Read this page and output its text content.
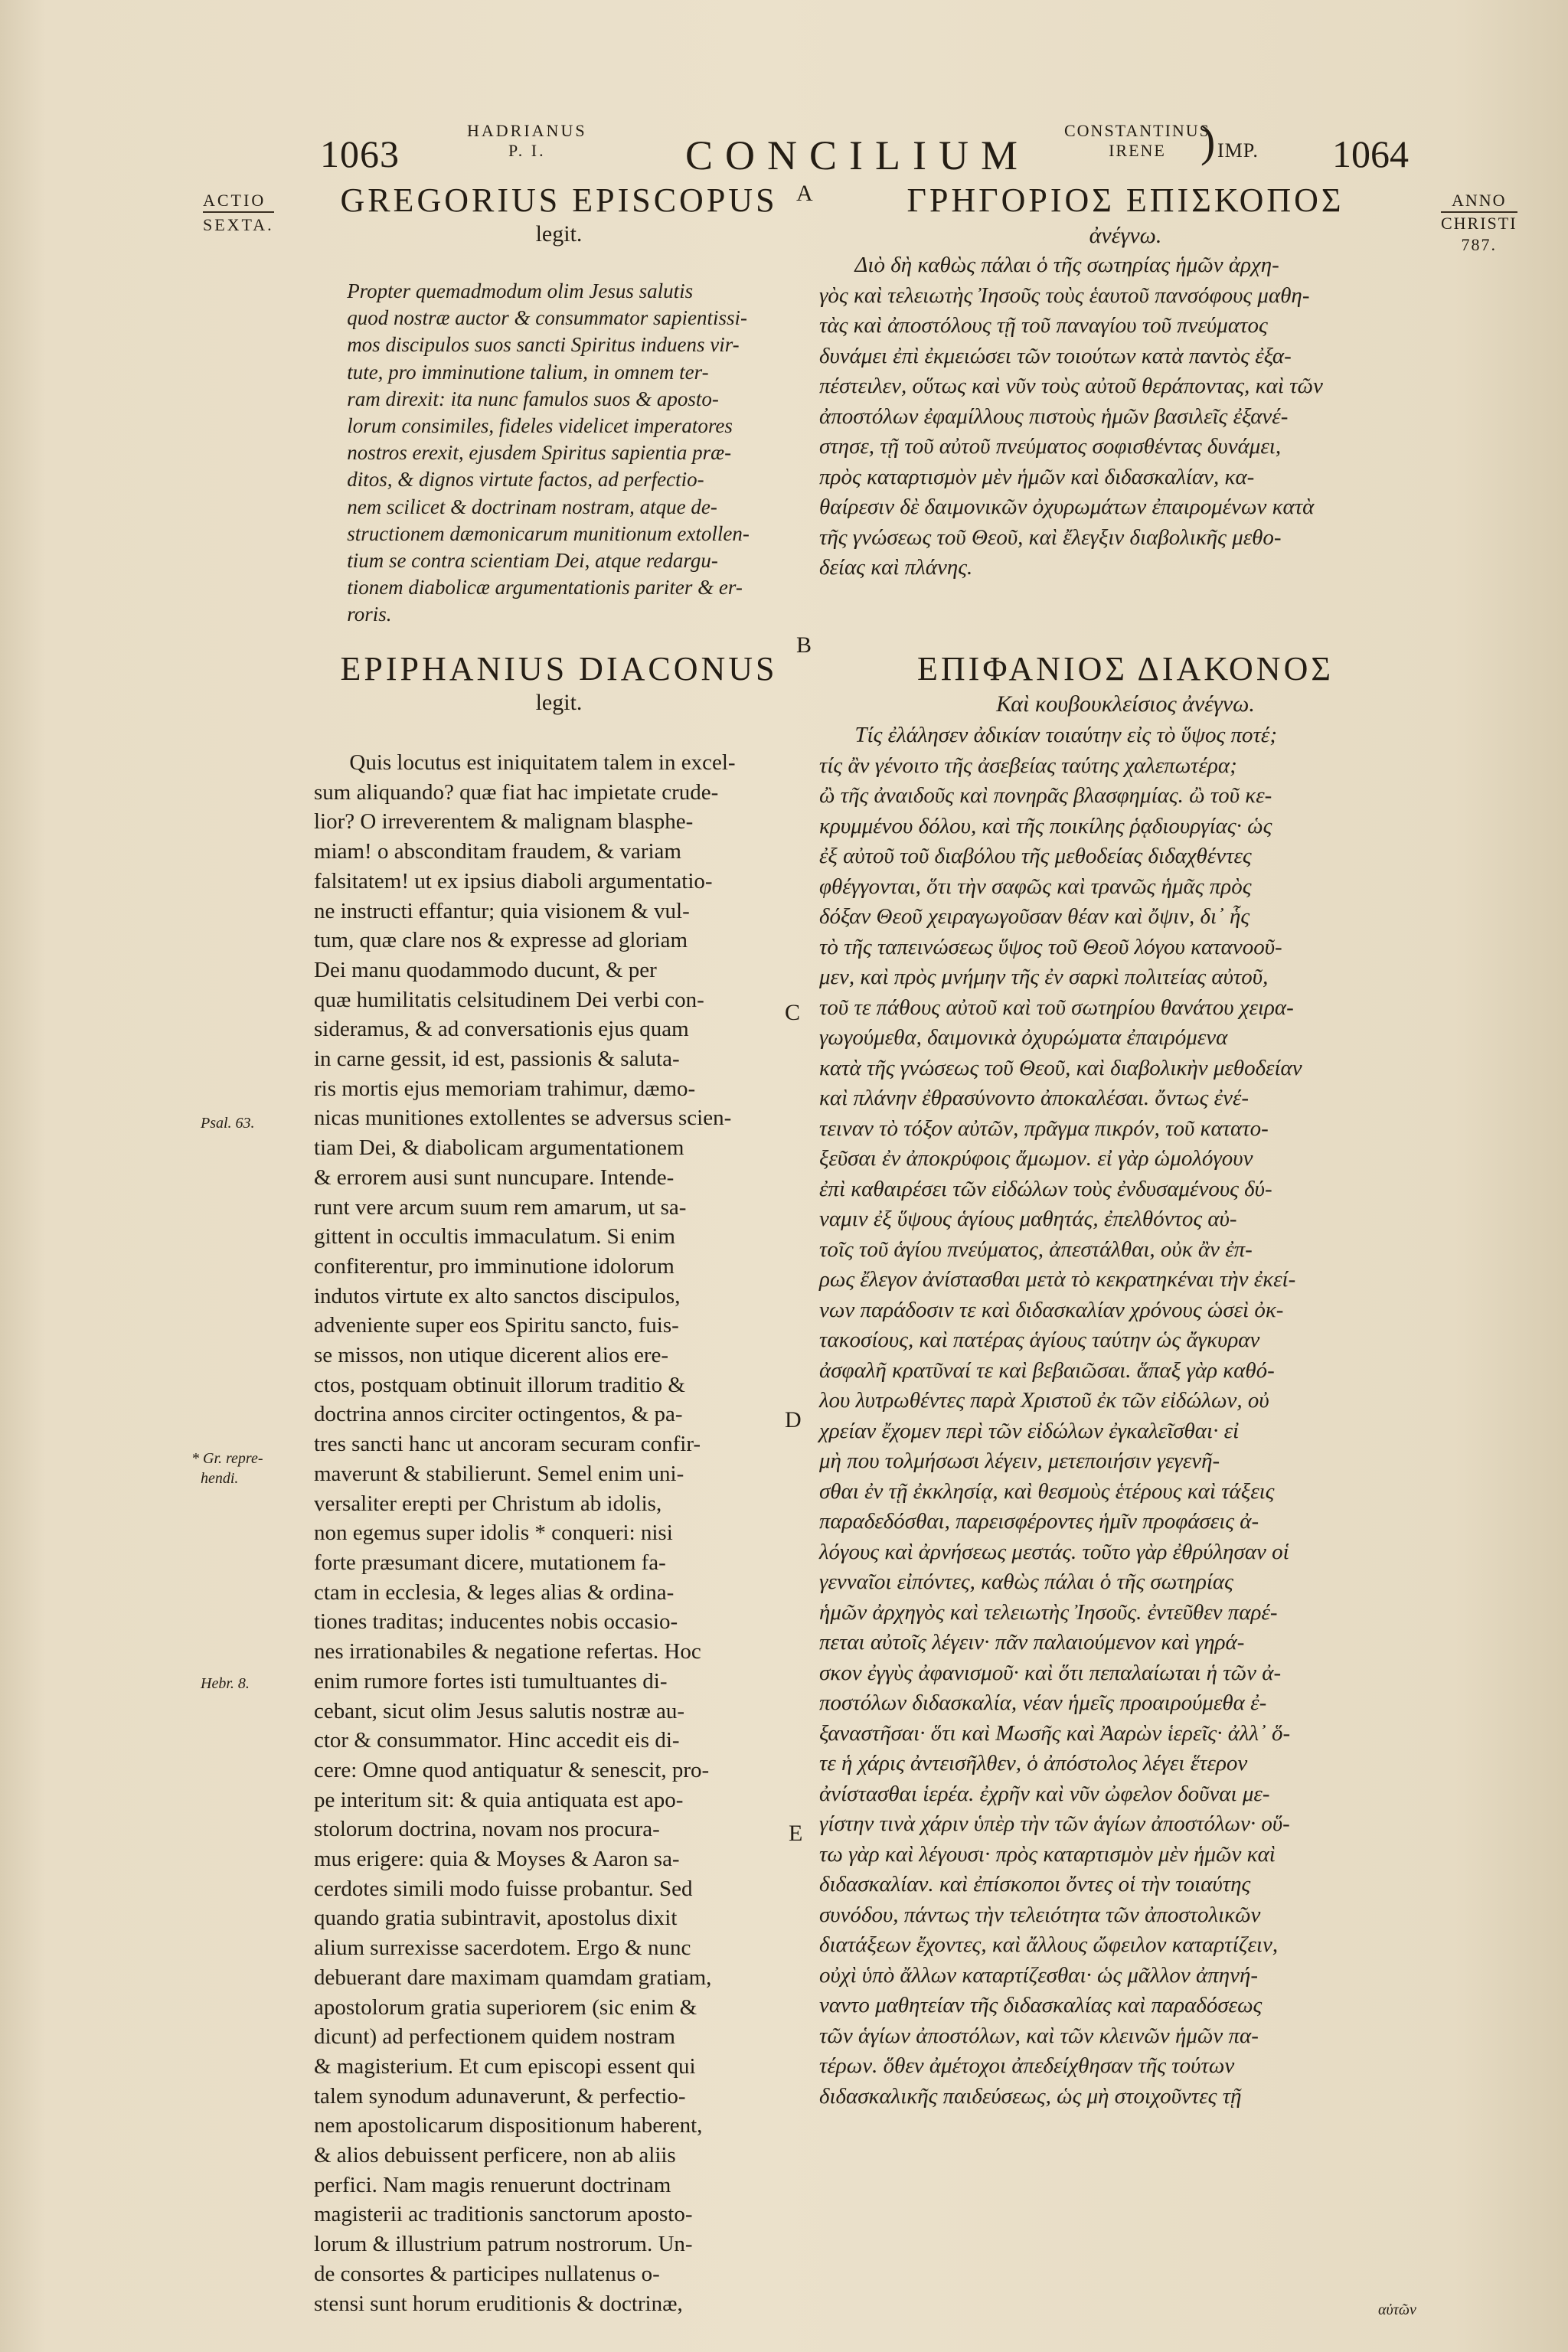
1063
HADRIANUS
P. I.	CONCILIUM
CONSTANTINUS
IRENE ) IMP. 1064
ACTIO
SEXTA.
ANNO
CHRISTI
787.
Psal. 63.
* Gr. repre-
hendi.
Hebr. 8.
A
B
C
D
E
GREGORIUS EPISCOPUS
legit.
Propter quemadmodum olim Jesus salutis
quod nostræ auctor & consummator sapientissi-
mos discipulos suos sancti Spiritus induens vir-
tute, pro imminutione talium, in omnem ter-
ram direxit: ita nunc famulos suos & aposto-
lorum consimiles, fideles videlicet imperatores
nostros erexit, ejusdem Spiritus sapientia præ-
ditos, & dignos virtute factos, ad perfectio-
nem scilicet & doctrinam nostram, atque de-
structionem dæmonicarum munitionum extollen-
tium se contra scientiam Dei, atque redargu-
tionem diabolicæ argumentationis pariter & er-
roris.
EPIPHANIUS DIACONUS
legit.
Quis locutus est iniquitatem talem in excel-
sum aliquando? quæ fiat hac impietate crude-
lior? O irreverentem & malignam blasphe-
miam! o absconditam fraudem, & variam
falsitatem! ut ex ipsius diaboli argumentatio-
ne instructi effantur; quia visionem & vul-
tum, quæ clare nos & expresse ad gloriam
Dei manu quodammodo ducunt, & per
quæ humilitatis celsitudinem Dei verbi con-
sideramus, & ad conversationis ejus quam
in carne gessit, id est, passionis & saluta-
ris mortis ejus memoriam trahimur, dæmo-
nicas munitiones extollentes se adversus scien-
tiam Dei, & diabolicam argumentationem
& errorem ausi sunt nuncupare. Intende-
runt vere arcum suum rem amarum, ut sa-
gittent in occultis immaculatum. Si enim
confiterentur, pro imminutione idolorum
indutos virtute ex alto sanctos discipulos,
adveniente super eos Spiritu sancto, fuis-
se missos, non utique dicerent alios ere-
ctos, postquam obtinuit illorum traditio &
doctrina annos circiter octingentos, & pa-
tres sancti hanc ut ancoram securam confir-
maverunt & stabilierunt. Semel enim uni-
versaliter erepti per Christum ab idolis,
non egemus super idolis * conqueri: nisi
forte præsumant dicere, mutationem fa-
ctam in ecclesia, & leges alias & ordina-
tiones traditas; inducentes nobis occasio-
nes irrationabiles & negatione refertas. Hoc
enim rumore fortes isti tumultuantes di-
cebant, sicut olim Jesus salutis nostræ au-
ctor & consummator. Hinc accedit eis di-
cere: Omne quod antiquatur & senescit, pro-
pe interitum sit: & quia antiquata est apo-
stolorum doctrina, novam nos procura-
mus erigere: quia & Moyses & Aaron sa-
cerdotes simili modo fuisse probantur. Sed
quando gratia subintravit, apostolus dixit
alium surrexisse sacerdotem. Ergo & nunc
debuerant dare maximam quamdam gratiam,
apostolorum gratia superiorem (sic enim &
dicunt) ad perfectionem quidem nostram
& magisterium. Et cum episcopi essent qui
talem synodum adunaverunt, & perfectio-
nem apostolicarum dispositionum haberent,
& alios debuissent perficere, non ab aliis
perfici. Nam magis renuerunt doctrinam
magisterii ac traditionis sanctorum aposto-
lorum & illustrium patrum nostrorum. Un-
de consortes & participes nullatenus o-
stensi sunt horum eruditionis & doctrinæ,
ΓΡΗΓΟΡΙΟΣ ΕΠΙΣΚΟΠΟΣ
ἀνέγνω.
Διὸ δὴ καθὼς πάλαι ὁ τῆς σωτηρίας ἡμῶν ἀρχη-
γὸς καὶ τελειωτὴς Ἰησοῦς τοὺς ἑαυτοῦ πανσόφους μαθη-
τὰς καὶ ἀποστόλους τῇ τοῦ παναγίου τοῦ πνεύματος
δυνάμει ἐπὶ ἐκμειώσει τῶν τοιούτων κατὰ παντὸς ἐξα-
πέστειλεν, οὕτως καὶ νῦν τοὺς αὐτοῦ θεράποντας, καὶ τῶν
ἀποστόλων ἐφαμίλλους πιστοὺς ἡμῶν βασιλεῖς ἐξανέ-
στησε, τῇ τοῦ αὐτοῦ πνεύματος σοφισθέντας δυνάμει,
πρὸς καταρτισμὸν μὲν ἡμῶν καὶ διδασκαλίαν, κα-
θαίρεσιν δὲ δαιμονικῶν ὀχυρωμάτων ἐπαιρομένων κατὰ
τῆς γνώσεως τοῦ Θεοῦ, καὶ ἔλεγξιν διαβολικῆς μεθο-
δείας καὶ πλάνης.
ΕΠΙΦΑΝΙΟΣ ΔΙΑΚΟΝΟΣ
Καὶ κουβουκλείσιος ἀνέγνω.
Τίς ἐλάλησεν ἀδικίαν τοιαύτην εἰς τὸ ὕψος ποτέ;
τίς ἂν γένοιτο τῆς ἀσεβείας ταύτης χαλεπωτέρα;
ὢ τῆς ἀναιδοῦς καὶ πονηρᾶς βλασφημίας. ὢ τοῦ κε-
κρυμμένου δόλου, καὶ τῆς ποικίλης ῥᾳδιουργίας· ὡς
ἐξ αὐτοῦ τοῦ διαβόλου τῆς μεθοδείας διδαχθέντες
φθέγγονται, ὅτι τὴν σαφῶς καὶ τρανῶς ἡμᾶς πρὸς
δόξαν Θεοῦ χειραγωγοῦσαν θέαν καὶ ὄψιν, δι᾽ ἧς
τὸ τῆς ταπεινώσεως ὕψος τοῦ Θεοῦ λόγου κατανοοῦ-
μεν, καὶ πρὸς μνήμην τῆς ἐν σαρκὶ πολιτείας αὐτοῦ,
τοῦ τε πάθους αὐτοῦ καὶ τοῦ σωτηρίου θανάτου χειρα-
γωγούμεθα, δαιμονικὰ ὀχυρώματα ἐπαιρόμενα
κατὰ τῆς γνώσεως τοῦ Θεοῦ, καὶ διαβολικὴν μεθοδείαν
καὶ πλάνην ἐθρασύνοντο ἀποκαλέσαι. ὄντως ἐνέ-
τειναν τὸ τόξον αὐτῶν, πρᾶγμα πικρόν, τοῦ κατατο-
ξεῦσαι ἐν ἀποκρύφοις ἄμωμον. εἰ γὰρ ὡμολόγουν
ἐπὶ καθαιρέσει τῶν εἰδώλων τοὺς ἐνδυσαμένους δύ-
ναμιν ἐξ ὕψους ἁγίους μαθητάς, ἐπελθόντος αὐ-
τοῖς τοῦ ἁγίου πνεύματος, ἀπεστάλθαι, οὐκ ἂν ἐπ-
ρως ἔλεγον ἀνίστασθαι μετὰ τὸ κεκρατηκέναι τὴν ἐκεί-
νων παράδοσιν τε καὶ διδασκαλίαν χρόνους ὡσεὶ ὀκ-
τακοσίους, καὶ πατέρας ἁγίους ταύτην ὡς ἄγκυραν
ἀσφαλῆ κρατῦναί τε καὶ βεβαιῶσαι. ἅπαξ γὰρ καθό-
λου λυτρωθέντες παρὰ Χριστοῦ ἐκ τῶν εἰδώλων, οὐ
χρείαν ἔχομεν περὶ τῶν εἰδώλων ἐγκαλεῖσθαι· εἰ
μὴ που τολμήσωσι λέγειν, μετεποιήσιν γεγενῆ-
σθαι ἐν τῇ ἐκκλησίᾳ, καὶ θεσμοὺς ἑτέρους καὶ τάξεις
παραδεδόσθαι, παρεισφέροντες ἡμῖν προφάσεις ἀ-
λόγους καὶ ἀρνήσεως μεστάς. τοῦτο γὰρ ἐθρύλησαν οἱ
γενναῖοι εἰπόντες, καθὼς πάλαι ὁ τῆς σωτηρίας
ἡμῶν ἀρχηγὸς καὶ τελειωτὴς Ἰησοῦς. ἐντεῦθεν παρέ-
πεται αὐτοῖς λέγειν· πᾶν παλαιούμενον καὶ γηρά-
σκον ἐγγὺς ἀφανισμοῦ· καὶ ὅτι πεπαλαίωται ἡ τῶν ἀ-
ποστόλων διδασκαλία, νέαν ἡμεῖς προαιρούμεθα ἐ-
ξαναστῆσαι· ὅτι καὶ Μωσῆς καὶ Ἀαρὼν ἱερεῖς· ἀλλ᾽ ὅ-
τε ἡ χάρις ἀντεισῆλθεν, ὁ ἀπόστολος λέγει ἕτερον
ἀνίστασθαι ἱερέα. ἐχρῆν καὶ νῦν ὠφελον δοῦναι με-
γίστην τινὰ χάριν ὑπὲρ τὴν τῶν ἁγίων ἀποστόλων· οὕ-
τω γὰρ καὶ λέγουσι· πρὸς καταρτισμὸν μὲν ἡμῶν καὶ
διδασκαλίαν. καὶ ἐπίσκοποι ὄντες οἱ τὴν τοιαύτης
συνόδου, πάντως τὴν τελειότητα τῶν ἀποστολικῶν
διατάξεων ἔχοντες, καὶ ἄλλους ὤφειλον καταρτίζειν,
οὐχὶ ὑπὸ ἄλλων καταρτίζεσθαι· ὡς μᾶλλον ἀπηνή-
ναντο μαθητείαν τῆς διδασκαλίας καὶ παραδόσεως
τῶν ἁγίων ἀποστόλων, καὶ τῶν κλεινῶν ἡμῶν πα-
τέρων. ὅθεν ἀμέτοχοι ἀπεδείχθησαν τῆς τούτων
διδασκαλικῆς παιδεύσεως, ὡς μὴ στοιχοῦντες τῇ
αὐτῶν
